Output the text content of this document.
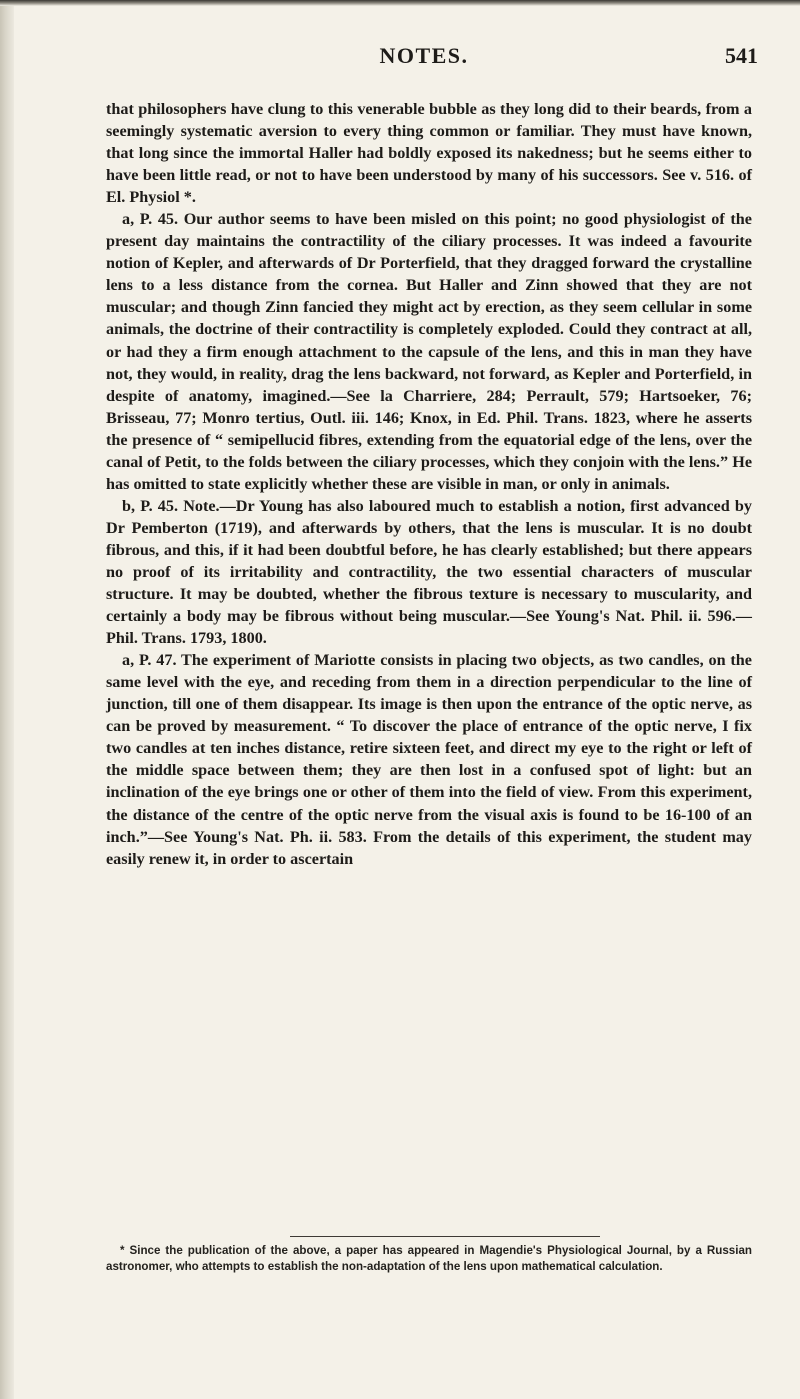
NOTES.	541

that philosophers have clung to this venerable bubble as they long did to their beards, from a seemingly systematic aversion to every thing common or familiar. They must have known, that long since the immortal Haller had boldly exposed its nakedness; but he seems either to have been little read, or not to have been understood by many of his successors. See v. 516. of El. Physiol *.

a, P. 45. Our author seems to have been misled on this point; no good physiologist of the present day maintains the contractility of the ciliary processes. It was indeed a favourite notion of Kepler, and afterwards of Dr Porterfield, that they dragged forward the crystalline lens to a less distance from the cornea. But Haller and Zinn showed that they are not muscular; and though Zinn fancied they might act by erection, as they seem cellular in some animals, the doctrine of their contractility is completely exploded. Could they contract at all, or had they a firm enough attachment to the capsule of the lens, and this in man they have not, they would, in reality, drag the lens backward, not forward, as Kepler and Porterfield, in despite of anatomy, imagined.—See la Charriere, 284; Perrault, 579; Hartsoeker, 76; Brisseau, 77; Monro tertius, Outl. iii. 146; Knox, in Ed. Phil. Trans. 1823, where he asserts the presence of “ semipellucid fibres, extending from the equatorial edge of the lens, over the canal of Petit, to the folds between the ciliary processes, which they conjoin with the lens.” He has omitted to state explicitly whether these are visible in man, or only in animals.

b, P. 45. Note.—Dr Young has also laboured much to establish a notion, first advanced by Dr Pemberton (1719), and afterwards by others, that the lens is muscular. It is no doubt fibrous, and this, if it had been doubtful before, he has clearly established; but there appears no proof of its irritability and contractility, the two essential characters of muscular structure. It may be doubted, whether the fibrous texture is necessary to muscularity, and certainly a body may be fibrous without being muscular.—See Young's Nat. Phil. ii. 596.—Phil. Trans. 1793, 1800.

a, P. 47. The experiment of Mariotte consists in placing two objects, as two candles, on the same level with the eye, and receding from them in a direction perpendicular to the line of junction, till one of them disappear. Its image is then upon the entrance of the optic nerve, as can be proved by measurement. “ To discover the place of entrance of the optic nerve, I fix two candles at ten inches distance, retire sixteen feet, and direct my eye to the right or left of the middle space between them; they are then lost in a confused spot of light: but an inclination of the eye brings one or other of them into the field of view. From this experiment, the distance of the centre of the optic nerve from the visual axis is found to be 16-100 of an inch.”—See Young's Nat. Ph. ii. 583. From the details of this experiment, the student may easily renew it, in order to ascertain

* Since the publication of the above, a paper has appeared in Magendie's Physiological Journal, by a Russian astronomer, who attempts to establish the non-adaptation of the lens upon mathematical calculation.
